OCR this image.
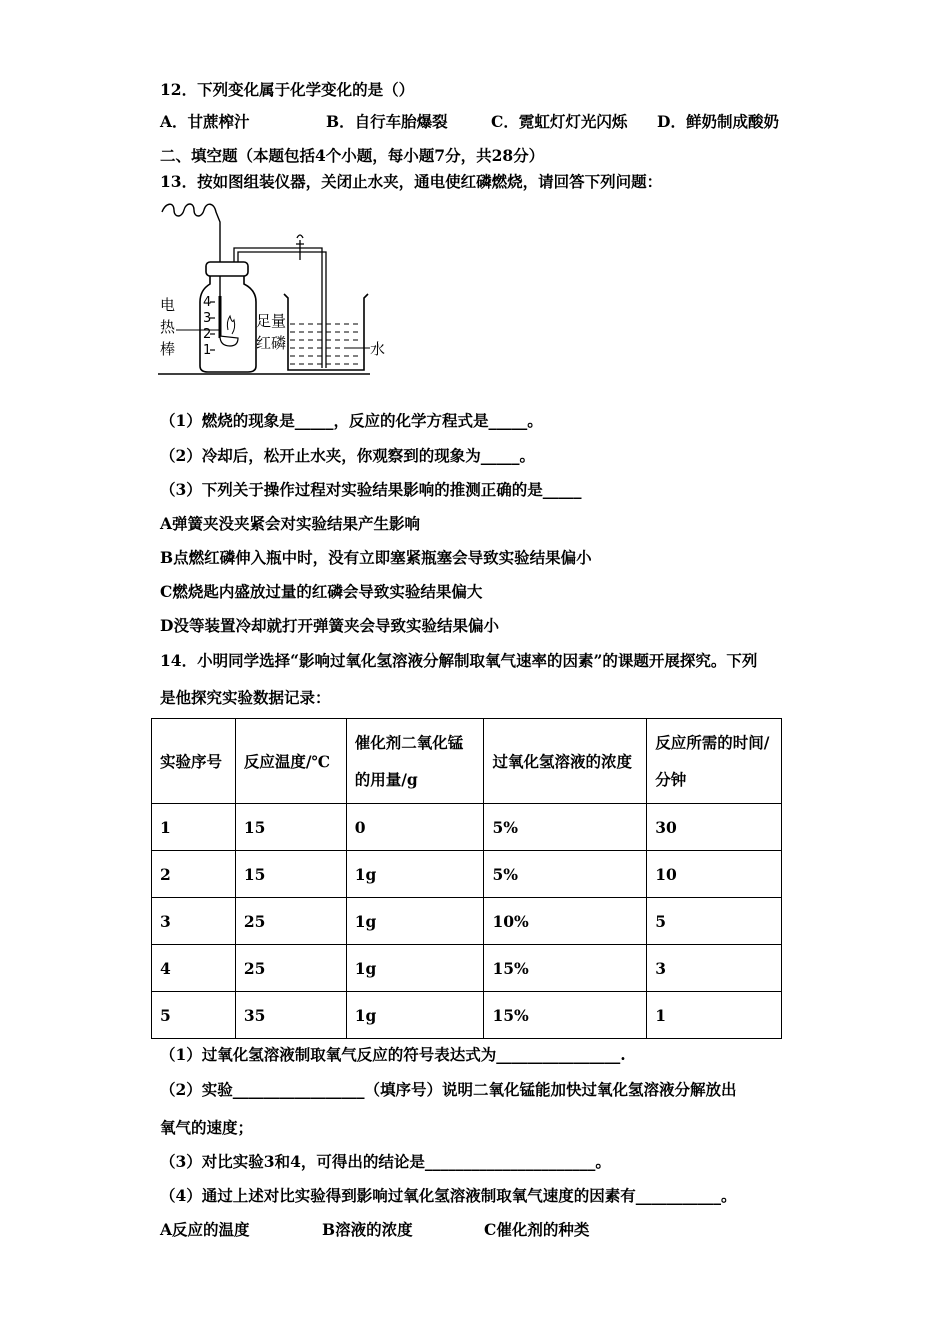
12．下列变化属于化学变化的是（）
A．甘蔗榨汁	B．自行车胎爆裂	C．霓虹灯灯光闪烁 D．鲜奶制成酸奶
二、填空题（本题包括4个小题，每小题7分，共28分）
13．按如图组装仪器，关闭止水夹，通电使红磷燃烧，请回答下列问题：
4
3
2
1
电
热
棒
足量
红磷	水
（1）燃烧的现象是_____，反应的化学方程式是_____。
（2）冷却后，松开止水夹，你观察到的现象为_____。
（3）下列关于操作过程对实验结果影响的推测正确的是_____
A弹簧夹没夹紧会对实验结果产生影响
B点燃红磷伸入瓶中时，没有立即塞紧瓶塞会导致实验结果偏小
C燃烧匙内盛放过量的红磷会导致实验结果偏大
D没等装置冷却就打开弹簧夹会导致实验结果偏小
14．小明同学选择“影响过氧化氢溶液分解制取氧气速率的因素”的课题开展探究。下列
是他探究实验数据记录：
实验序号	反应温度/℃	催化剂二氧化锰的用量/g	过氧化氢溶液的浓度	反应所需的时间/分钟
1	15	0	5%	30
2	15	1g	5%	10
3	25	1g	10%	5
4	25	1g	15%	3
5	35	1g	15%	1
（1）过氧化氢溶液制取氧气反应的符号表达式为________________.
（2）实验_________________（填序号）说明二氧化锰能加快过氧化氢溶液分解放出
氧气的速度；
（3）对比实验3和4，可得出的结论是______________________。
（4）通过上述对比实验得到影响过氧化氢溶液制取氧气速度的因素有___________。
A反应的温度	B溶液的浓度	C催化剂的种类
